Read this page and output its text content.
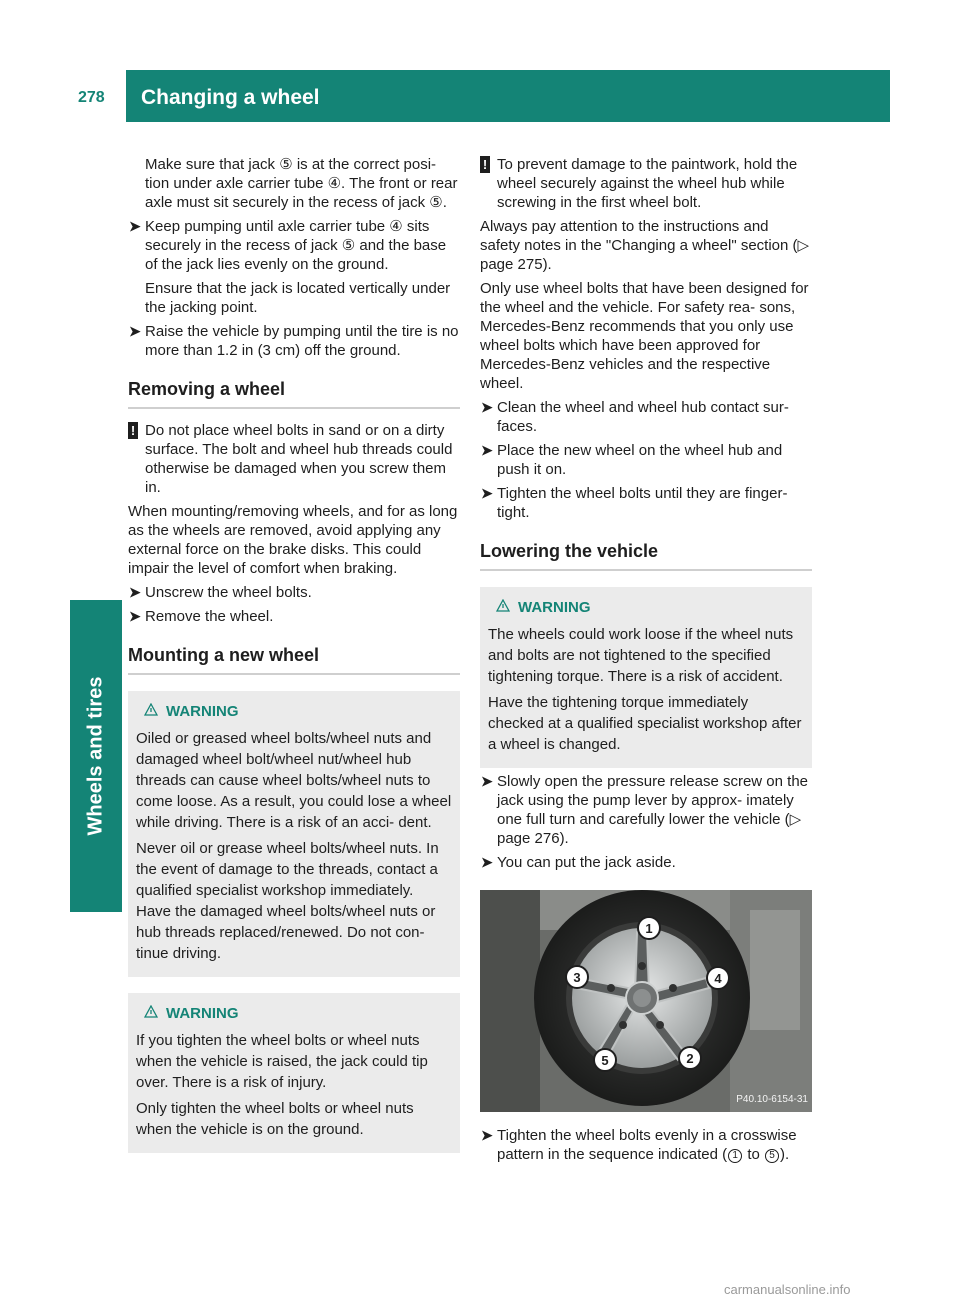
278 Changing a wheel
Wheels and tires

Make sure that jack ⑤ is at the correct posi- tion under axle carrier tube ④. The front or rear axle must sit securely in the recess of jack ⑤.

➤ Keep pumping until axle carrier tube ④ sits securely in the recess of jack ⑤ and the base of the jack lies evenly on the ground.

Ensure that the jack is located vertically under the jacking point.

➤ Raise the vehicle by pumping until the tire is no more than 1.2 in (3 cm) off the ground.
Removing a wheel
! Do not place wheel bolts in sand or on a dirty surface. The bolt and wheel hub threads could otherwise be damaged when you screw them in.

When mounting/removing wheels, and for as long as the wheels are removed, avoid applying any external force on the brake disks. This could impair the level of comfort when braking.

➤ Unscrew the wheel bolts.
➤ Remove the wheel.
Mounting a new wheel
WARNING

Oiled or greased wheel bolts/wheel nuts and damaged wheel bolt/wheel nut/wheel hub threads can cause wheel bolts/wheel nuts to come loose. As a result, you could lose a wheel while driving. There is a risk of an acci- dent.

Never oil or grease wheel bolts/wheel nuts. In the event of damage to the threads, contact a qualified specialist workshop immediately. Have the damaged wheel bolts/wheel nuts or hub threads replaced/renewed. Do not con- tinue driving.

WARNING

If you tighten the wheel bolts or wheel nuts when the vehicle is raised, the jack could tip over. There is a risk of injury.

Only tighten the wheel bolts or wheel nuts when the vehicle is on the ground.

! To prevent damage to the paintwork, hold the wheel securely against the wheel hub while screwing in the first wheel bolt.

Always pay attention to the instructions and safety notes in the "Changing a wheel" section (▷ page 275).

Only use wheel bolts that have been designed for the wheel and the vehicle. For safety rea- sons, Mercedes-Benz recommends that you only use wheel bolts which have been approved for Mercedes-Benz vehicles and the respective wheel.

➤ Clean the wheel and wheel hub contact sur- faces.
➤ Place the new wheel on the wheel hub and push it on.
➤ Tighten the wheel bolts until they are finger- tight.
Lowering the vehicle
WARNING

The wheels could work loose if the wheel nuts and bolts are not tightened to the specified tightening torque. There is a risk of accident.

Have the tightening torque immediately checked at a qualified specialist workshop after a wheel is changed.

➤ Slowly open the pressure release screw on the jack using the pump lever by approx- imately one full turn and carefully lower the vehicle (▷ page 276).
➤ You can put the jack aside.
1
2
3	4
5
P40.10-6154-31
➤ Tighten the wheel bolts evenly in a crosswise pattern in the sequence indicated ( 1 to 5 ).
carmanualsonline.info
